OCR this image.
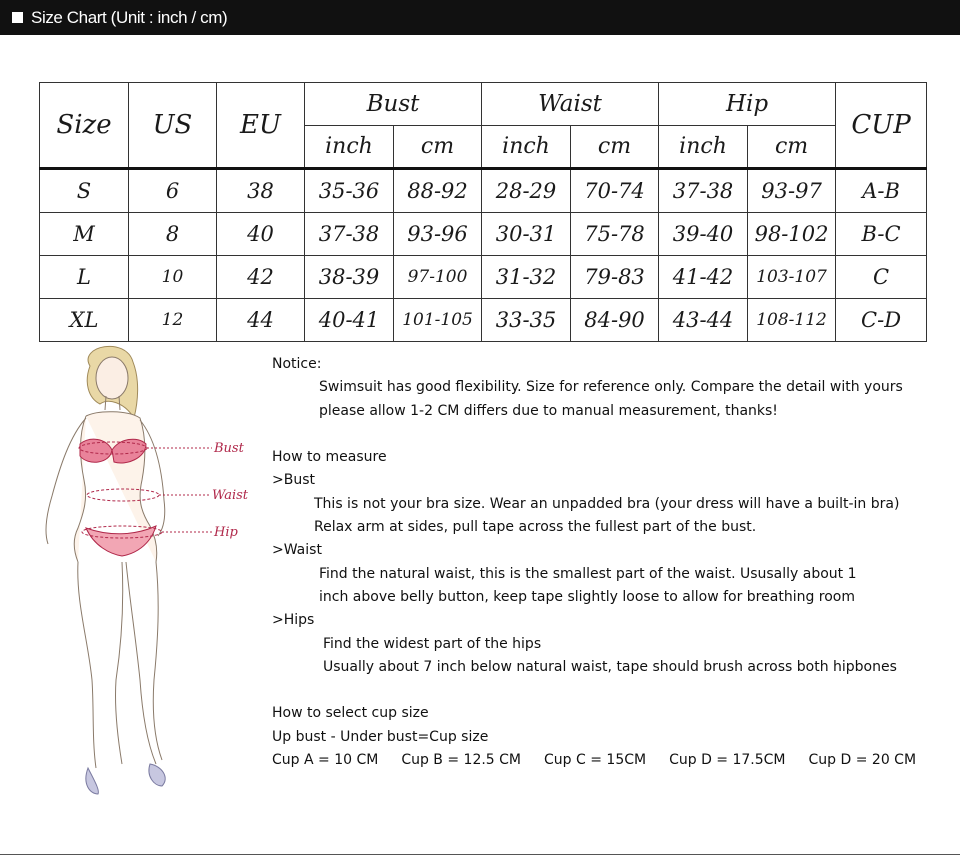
Size Chart (Unit : inch / cm)
Size	US	EU	Bust		Waist		Hip		CUP
			inch	cm	inch	cm	inch	cm	
S	6	38	35-36	88-92	28-29	70-74	37-38	93-97	A-B
M	8	40	37-38	93-96	30-31	75-78	39-40	98-102	B-C
L	10	42	38-39	97-100	31-32	79-83	41-42	103-107	C
XL	12	44	40-41	101-105	33-35	84-90	43-44	108-112	C-D
Bust
Waist
Hip
Notice:
Swimsuit has good flexibility. Size for reference only. Compare the detail with yours
please allow 1-2 CM differs due to manual measurement, thanks!
How to measure
>Bust
This is not your bra size. Wear an unpadded bra (your dress will have a built-in bra)
Relax arm at sides, pull tape across the fullest part of the bust.
>Waist
Find the natural waist, this is the smallest part of the waist. Ususally about 1
inch above belly button, keep tape slightly loose to allow for breathing room
>Hips
Find the widest part of the hips
Usually about 7 inch below natural waist, tape should brush across both hipbones
How to select cup size
Up bust - Under bust=Cup size
Cup A = 10 CM Cup B = 12.5 CM Cup C = 15CM Cup D = 17.5CM Cup D = 20 CM
